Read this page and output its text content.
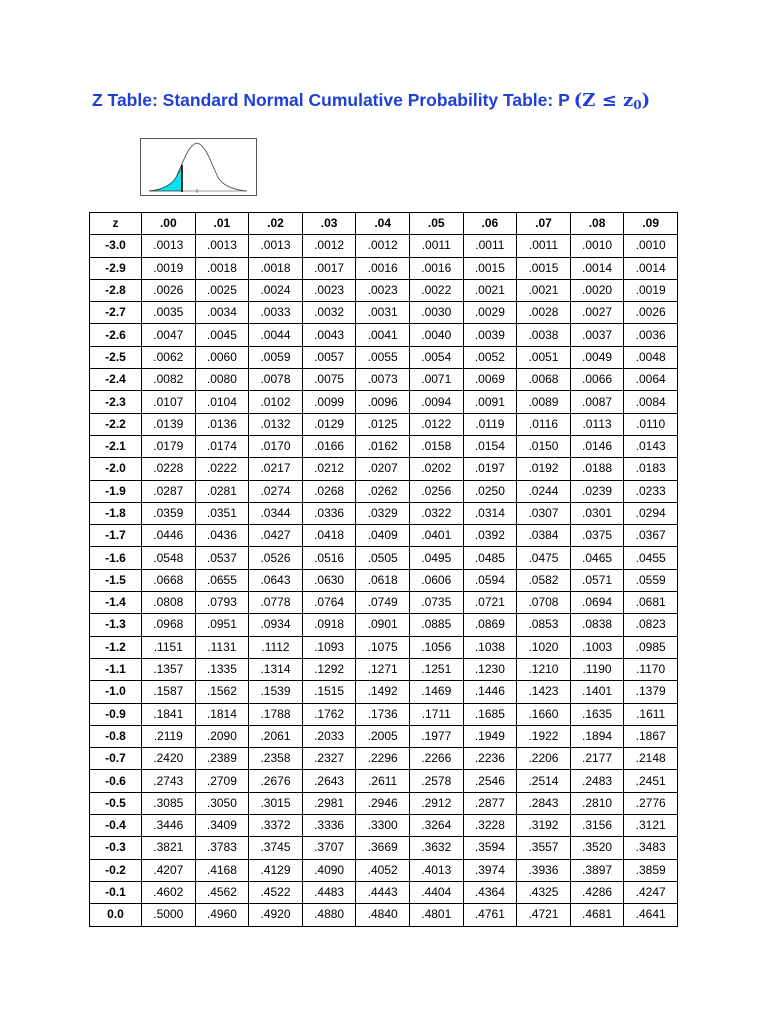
Z Table: Standard Normal Cumulative Probability Table: P $(Z \le z_0)$
z	.00	.01	.02	.03	.04	.05	.06	.07	.08	.09
-3.0	.0013	.0013	.0013	.0012	.0012	.0011	.0011	.0011	.0010	.0010
-2.9	.0019	.0018	.0018	.0017	.0016	.0016	.0015	.0015	.0014	.0014
-2.8	.0026	.0025	.0024	.0023	.0023	.0022	.0021	.0021	.0020	.0019
-2.7	.0035	.0034	.0033	.0032	.0031	.0030	.0029	.0028	.0027	.0026
-2.6	.0047	.0045	.0044	.0043	.0041	.0040	.0039	.0038	.0037	.0036
-2.5	.0062	.0060	.0059	.0057	.0055	.0054	.0052	.0051	.0049	.0048
-2.4	.0082	.0080	.0078	.0075	.0073	.0071	.0069	.0068	.0066	.0064
-2.3	.0107	.0104	.0102	.0099	.0096	.0094	.0091	.0089	.0087	.0084
-2.2	.0139	.0136	.0132	.0129	.0125	.0122	.0119	.0116	.0113	.0110
-2.1	.0179	.0174	.0170	.0166	.0162	.0158	.0154	.0150	.0146	.0143
-2.0	.0228	.0222	.0217	.0212	.0207	.0202	.0197	.0192	.0188	.0183
-1.9	.0287	.0281	.0274	.0268	.0262	.0256	.0250	.0244	.0239	.0233
-1.8	.0359	.0351	.0344	.0336	.0329	.0322	.0314	.0307	.0301	.0294
-1.7	.0446	.0436	.0427	.0418	.0409	.0401	.0392	.0384	.0375	.0367
-1.6	.0548	.0537	.0526	.0516	.0505	.0495	.0485	.0475	.0465	.0455
-1.5	.0668	.0655	.0643	.0630	.0618	.0606	.0594	.0582	.0571	.0559
-1.4	.0808	.0793	.0778	.0764	.0749	.0735	.0721	.0708	.0694	.0681
-1.3	.0968	.0951	.0934	.0918	.0901	.0885	.0869	.0853	.0838	.0823
-1.2	.1151	.1131	.1112	.1093	.1075	.1056	.1038	.1020	.1003	.0985
-1.1	.1357	.1335	.1314	.1292	.1271	.1251	.1230	.1210	.1190	.1170
-1.0	.1587	.1562	.1539	.1515	.1492	.1469	.1446	.1423	.1401	.1379
-0.9	.1841	.1814	.1788	.1762	.1736	.1711	.1685	.1660	.1635	.1611
-0.8	.2119	.2090	.2061	.2033	.2005	.1977	.1949	.1922	.1894	.1867
-0.7	.2420	.2389	.2358	.2327	.2296	.2266	.2236	.2206	.2177	.2148
-0.6	.2743	.2709	.2676	.2643	.2611	.2578	.2546	.2514	.2483	.2451
-0.5	.3085	.3050	.3015	.2981	.2946	.2912	.2877	.2843	.2810	.2776
-0.4	.3446	.3409	.3372	.3336	.3300	.3264	.3228	.3192	.3156	.3121
-0.3	.3821	.3783	.3745	.3707	.3669	.3632	.3594	.3557	.3520	.3483
-0.2	.4207	.4168	.4129	.4090	.4052	.4013	.3974	.3936	.3897	.3859
-0.1	.4602	.4562	.4522	.4483	.4443	.4404	.4364	.4325	.4286	.4247
0.0	.5000	.4960	.4920	.4880	.4840	.4801	.4761	.4721	.4681	.4641
